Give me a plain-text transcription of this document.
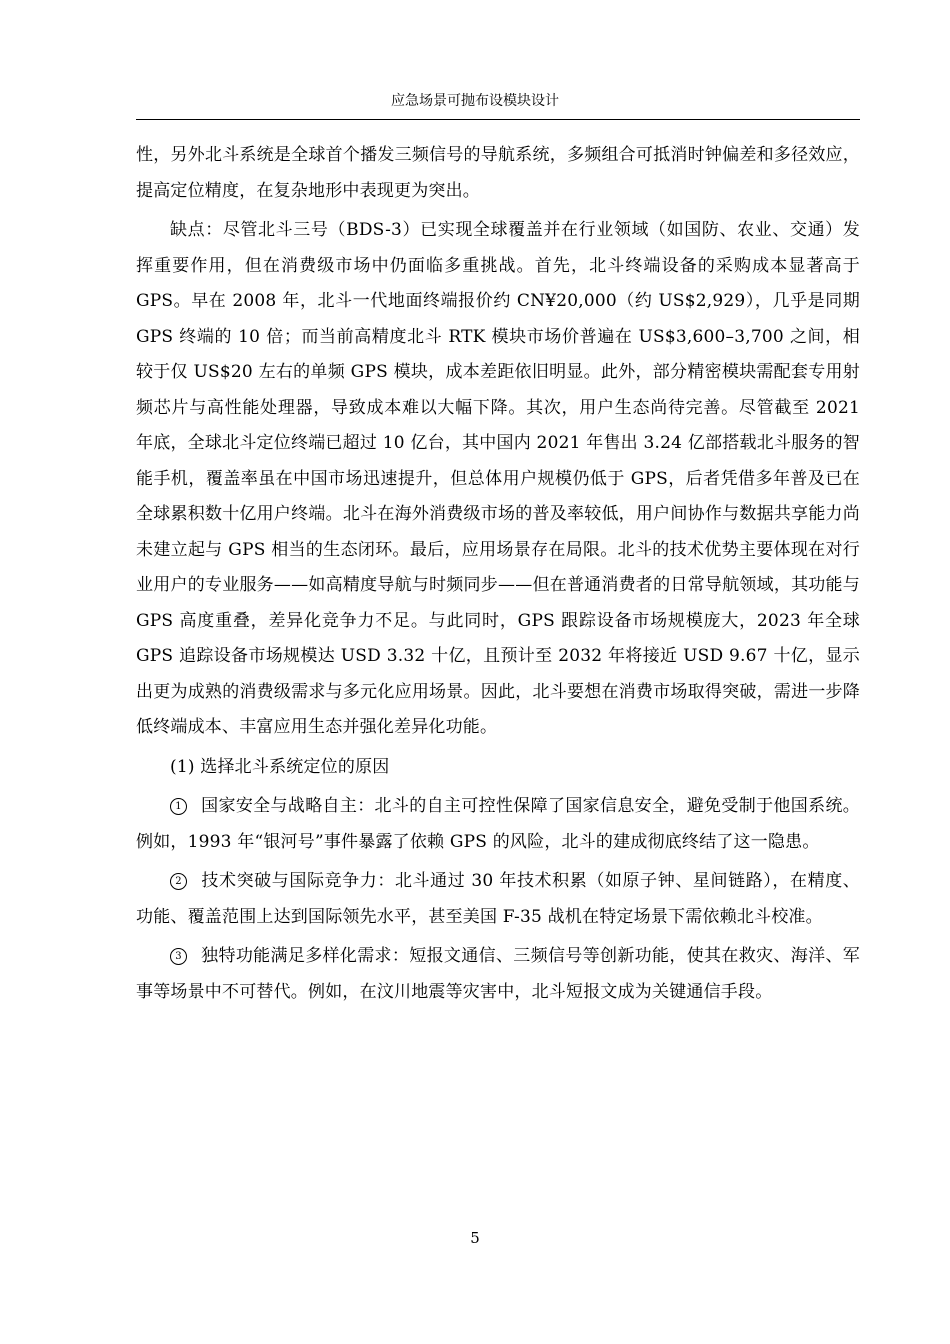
应急场景可抛布设模块设计

性，另外北斗系统是全球首个播发三频信号的导航系统，多频组合可抵消时钟偏差和多径效应，提高定位精度，在复杂地形中表现更为突出。

缺点：尽管北斗三号（BDS-3）已实现全球覆盖并在行业领域（如国防、农业、交通）发挥重要作用，但在消费级市场中仍面临多重挑战。首先，北斗终端设备的采购成本显著高于 GPS。早在 2008 年，北斗一代地面终端报价约 CN¥20,000（约 US$2,929），几乎是同期 GPS 终端的 10 倍；而当前高精度北斗 RTK 模块市场价普遍在 US$3,600–3,700 之间，相较于仅 US$20 左右的单频 GPS 模块，成本差距依旧明显。此外，部分精密模块需配套专用射频芯片与高性能处理器，导致成本难以大幅下降。其次，用户生态尚待完善。尽管截至 2021 年底，全球北斗定位终端已超过 10 亿台，其中国内 2021 年售出 3.24 亿部搭载北斗服务的智能手机，覆盖率虽在中国市场迅速提升，但总体用户规模仍低于 GPS，后者凭借多年普及已在全球累积数十亿用户终端。北斗在海外消费级市场的普及率较低，用户间协作与数据共享能力尚未建立起与 GPS 相当的生态闭环。最后，应用场景存在局限。北斗的技术优势主要体现在对行业用户的专业服务——如高精度导航与时频同步——但在普通消费者的日常导航领域，其功能与 GPS 高度重叠，差异化竞争力不足。与此同时，GPS 跟踪设备市场规模庞大，2023 年全球 GPS 追踪设备市场规模达 USD 3.32 十亿，且预计至 2032 年将接近 USD 9.67 十亿，显示出更为成熟的消费级需求与多元化应用场景。因此，北斗要想在消费市场取得突破，需进一步降低终端成本、丰富应用生态并强化差异化功能。

(1) 选择北斗系统定位的原因

1 国家安全与战略自主：北斗的自主可控性保障了国家信息安全，避免受制于他国系统。例如，1993 年“银河号”事件暴露了依赖 GPS 的风险，北斗的建成彻底终结了这一隐患。

2 技术突破与国际竞争力：北斗通过 30 年技术积累（如原子钟、星间链路），在精度、功能、覆盖范围上达到国际领先水平，甚至美国 F-35 战机在特定场景下需依赖北斗校准。

3 独特功能满足多样化需求：短报文通信、三频信号等创新功能，使其在救灾、海洋、军事等场景中不可替代。例如，在汶川地震等灾害中，北斗短报文成为关键通信手段。

5
